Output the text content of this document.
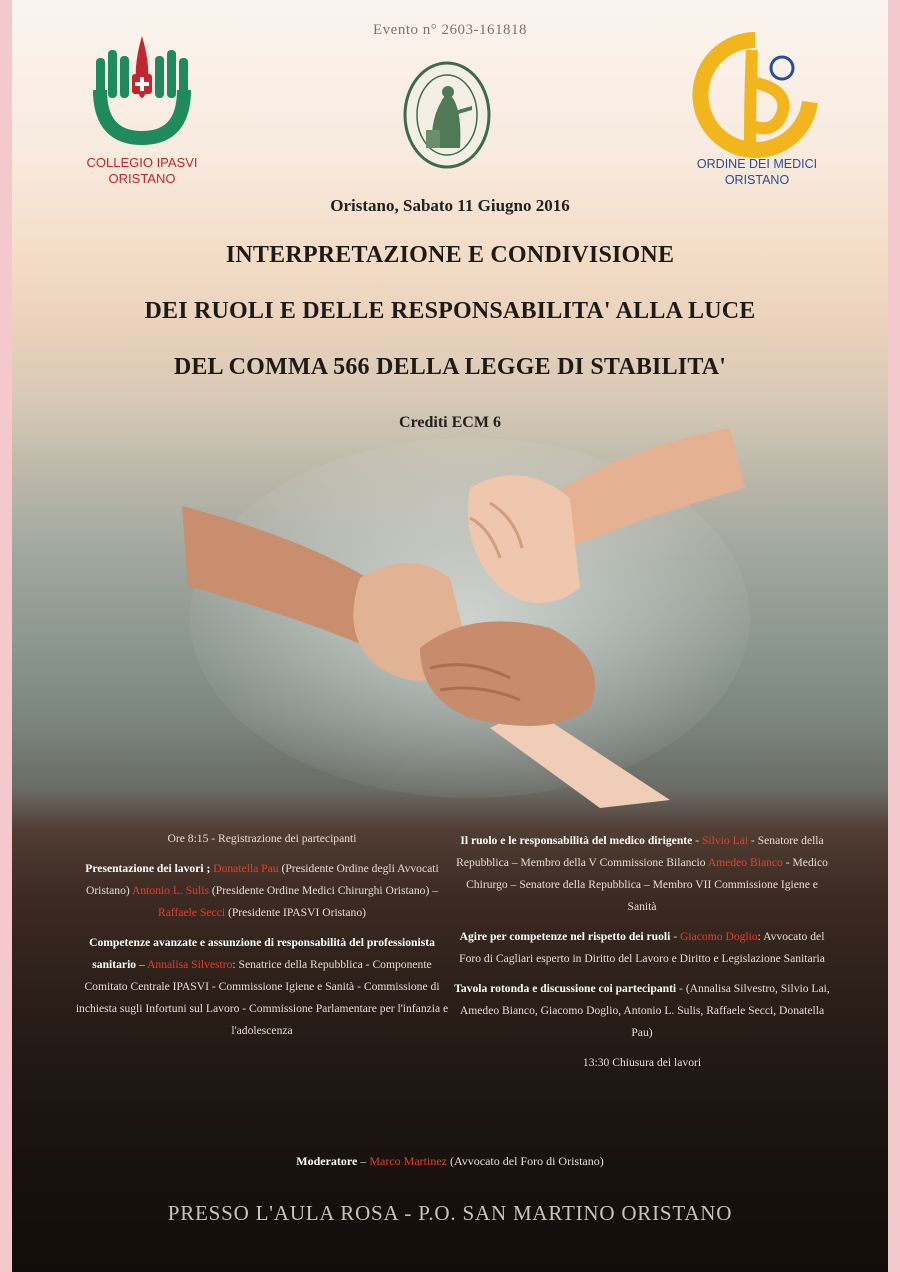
Evento n° 2603-161818
COLLEGIO IPASVI
ORISTANO
ORDINE DEI MEDICI
ORISTANO
Oristano, Sabato 11 Giugno 2016
INTERPRETAZIONE E CONDIVISIONE
DEI RUOLI E DELLE RESPONSABILITA' ALLA LUCE
DEL COMMA 566 DELLA LEGGE DI STABILITA'
Crediti ECM 6
Ore 8:15 - Registrazione dei partecipanti
Presentazione dei lavori ; Donatella Pau (Presidente Ordine degli Avvocati Oristano) Antonio L. Sulis (Presidente Ordine Medici Chirurghi Oristano) – Raffaele Secci (Presidente IPASVI Oristano)
Competenze avanzate e assunzione di responsabilità del professionista sanitario – Annalisa Silvestro: Senatrice della Repubblica - Componente Comitato Centrale IPASVI - Commissione Igiene e Sanità - Commissione di inchiesta sugli Infortuni sul Lavoro - Commissione Parlamentare per l'infanzia e l'adolescenza
Il ruolo e le responsabilità del medico dirigente - Silvio Lai - Senatore della Repubblica – Membro della V Commissione Bilancio Amedeo Bianco - Medico Chirurgo – Senatore della Repubblica – Membro VII Commissione Igiene e Sanità
Agire per competenze nel rispetto dei ruoli - Giacomo Doglio: Avvocato del Foro di Cagliari esperto in Diritto del Lavoro e Diritto e Legislazione Sanitaria
Tavola rotonda e discussione coi partecipanti - (Annalisa Silvestro, Silvio Lai, Amedeo Bianco, Giacomo Doglio, Antonio L. Sulis, Raffaele Secci, Donatella Pau)
13:30 Chiusura dei lavori
Moderatore – Marco Martinez (Avvocato del Foro di Oristano)
PRESSO L'AULA ROSA - P.O. SAN MARTINO ORISTANO
